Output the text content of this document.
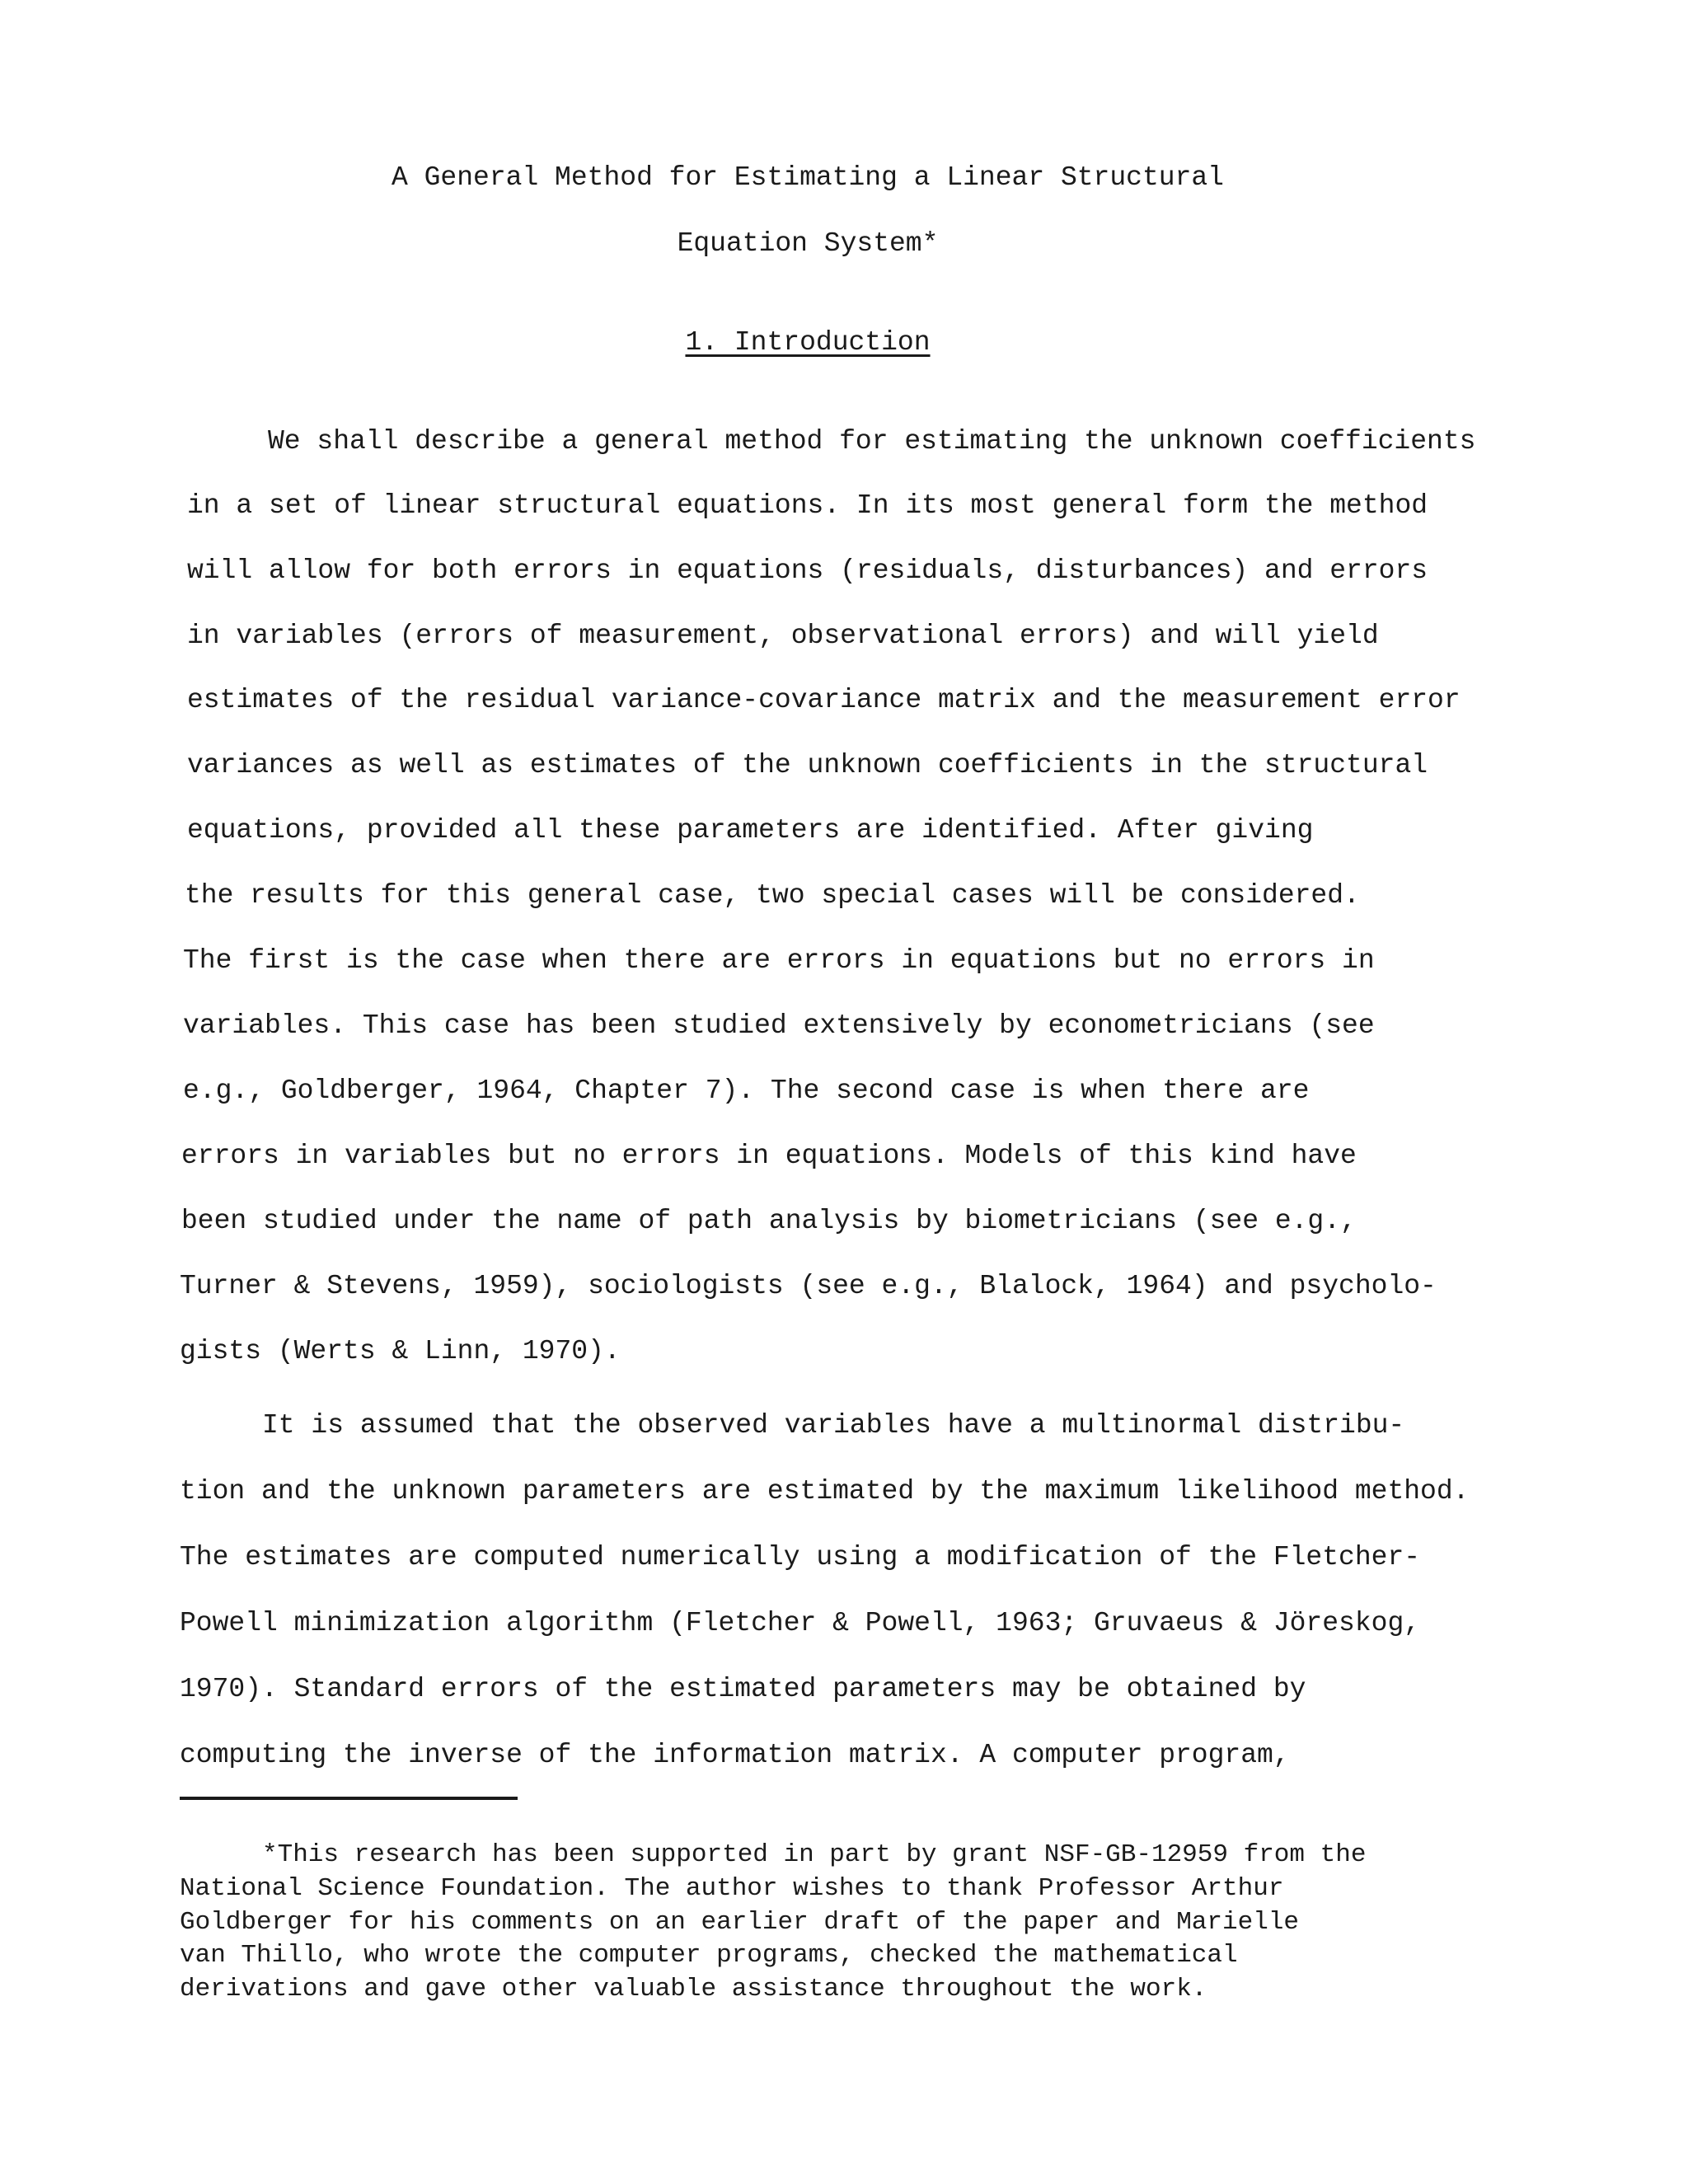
A General Method for Estimating a Linear Structural
Equation System*
1. Introduction
We shall describe a general method for estimating the unknown coefficients
in a set of linear structural equations. In its most general form the method
will allow for both errors in equations (residuals, disturbances) and errors
in variables (errors of measurement, observational errors) and will yield
estimates of the residual variance-covariance matrix and the measurement error
variances as well as estimates of the unknown coefficients in the structural
equations, provided all these parameters are identified. After giving
the results for this general case, two special cases will be considered.
The first is the case when there are errors in equations but no errors in
variables. This case has been studied extensively by econometricians (see
e.g., Goldberger, 1964, Chapter 7). The second case is when there are
errors in variables but no errors in equations. Models of this kind have
been studied under the name of path analysis by biometricians (see e.g.,
Turner & Stevens, 1959), sociologists (see e.g., Blalock, 1964) and psycholo-
gists (Werts & Linn, 1970).
It is assumed that the observed variables have a multinormal distribu-
tion and the unknown parameters are estimated by the maximum likelihood method.
The estimates are computed numerically using a modification of the Fletcher-
Powell minimization algorithm (Fletcher & Powell, 1963; Gruvaeus & Jöreskog,
1970). Standard errors of the estimated parameters may be obtained by
computing the inverse of the information matrix. A computer program,
*This research has been supported in part by grant NSF-GB-12959 from the
National Science Foundation. The author wishes to thank Professor Arthur
Goldberger for his comments on an earlier draft of the paper and Marielle
van Thillo, who wrote the computer programs, checked the mathematical
derivations and gave other valuable assistance throughout the work.
